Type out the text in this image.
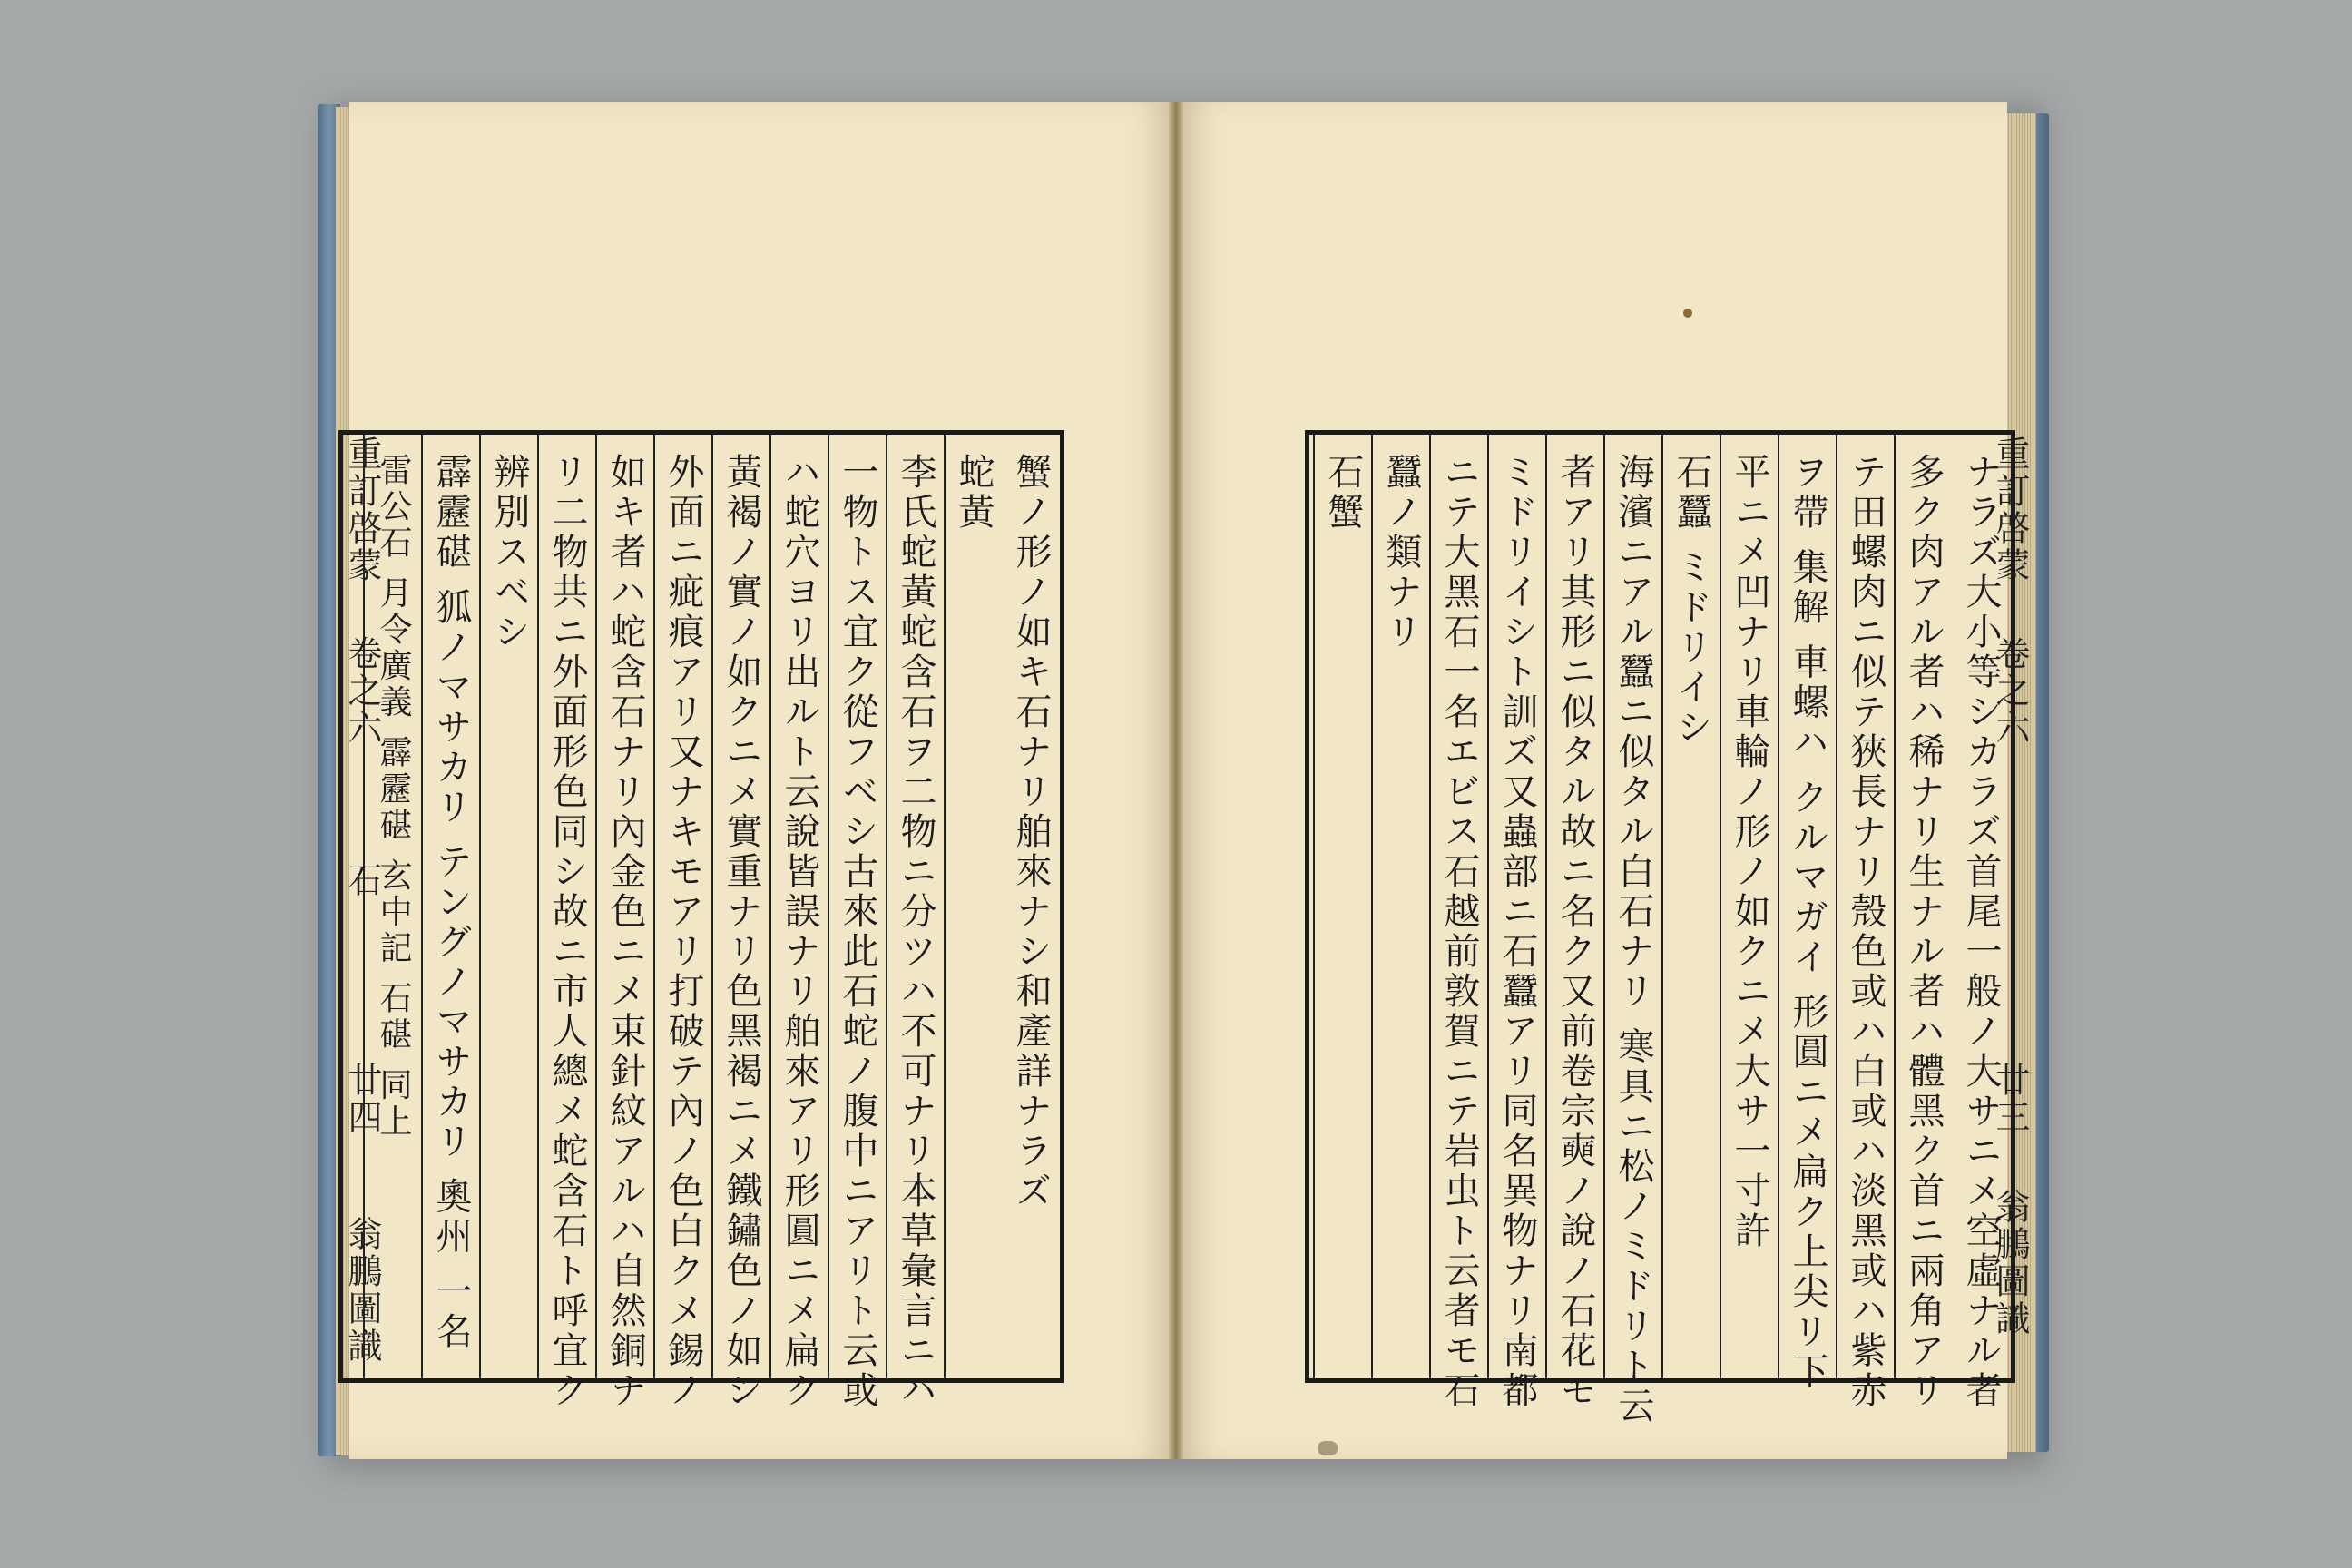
重訂啓蒙
卷之六
石
廿四
翁鵬圖識
蟹ノ形ノ如キ石ナリ舶來ナシ和產詳ナラズ
蛇黃
李氏蛇黃蛇含石ヲ二物ニ分ツハ不可ナリ本草彙言ニハ
一物トス宜ク從フベシ古來此石蛇ノ腹中ニアリト云或
ハ蛇穴ヨリ出ルト云說皆誤ナリ舶來アリ形圓ニメ扁ク
黃褐ノ實ノ如クニメ實重ナリ色黑褐ニメ鐵鏽色ノ如シ
外面ニ疵痕アリ又ナキモアリ打破テ內ノ色白クメ錫ノ
如キ者ハ蛇含石ナリ內金色ニメ束針紋アルハ自然銅ナ
リ二物共ニ外面形色同シ故ニ市人總メ蛇含石ト呼宜ク
辨別スベシ
霹靂碪 狐ノマサカリ テングノマサカリ 奧州 一名
雷公石 月令廣義 霹靂碪 玄中記 石碪 同上	重訂啓蒙
卷之六
廿三
翁鵬圖識
ナラズ大小等シカラズ首尾一般ノ大サニメ空虛ナル者
多ク肉アル者ハ稀ナリ生ナル者ハ體黑ク首ニ兩角アリ
テ田螺肉ニ似テ狹長ナリ殼色或ハ白或ハ淡黑或ハ紫赤
ヲ帶 集解 車螺ハ クルマガイ 形圓ニメ扁ク上尖リ下
平ニメ凹ナリ車輪ノ形ノ如クニメ大サ一寸許
石蠶 ミドリイシ
海濱ニアル蠶ニ似タル白石ナリ 寒具ニ松ノミドリト云
者アリ其形ニ似タル故ニ名ク又前卷宗奭ノ說ノ石花モ
ミドリイシト訓ズ又蟲部ニ石蠶アリ同名異物ナリ南都
ニテ大黑石一名エビス石越前敦賀ニテ岩虫ト云者モ石
蠶ノ類ナリ
石蟹
